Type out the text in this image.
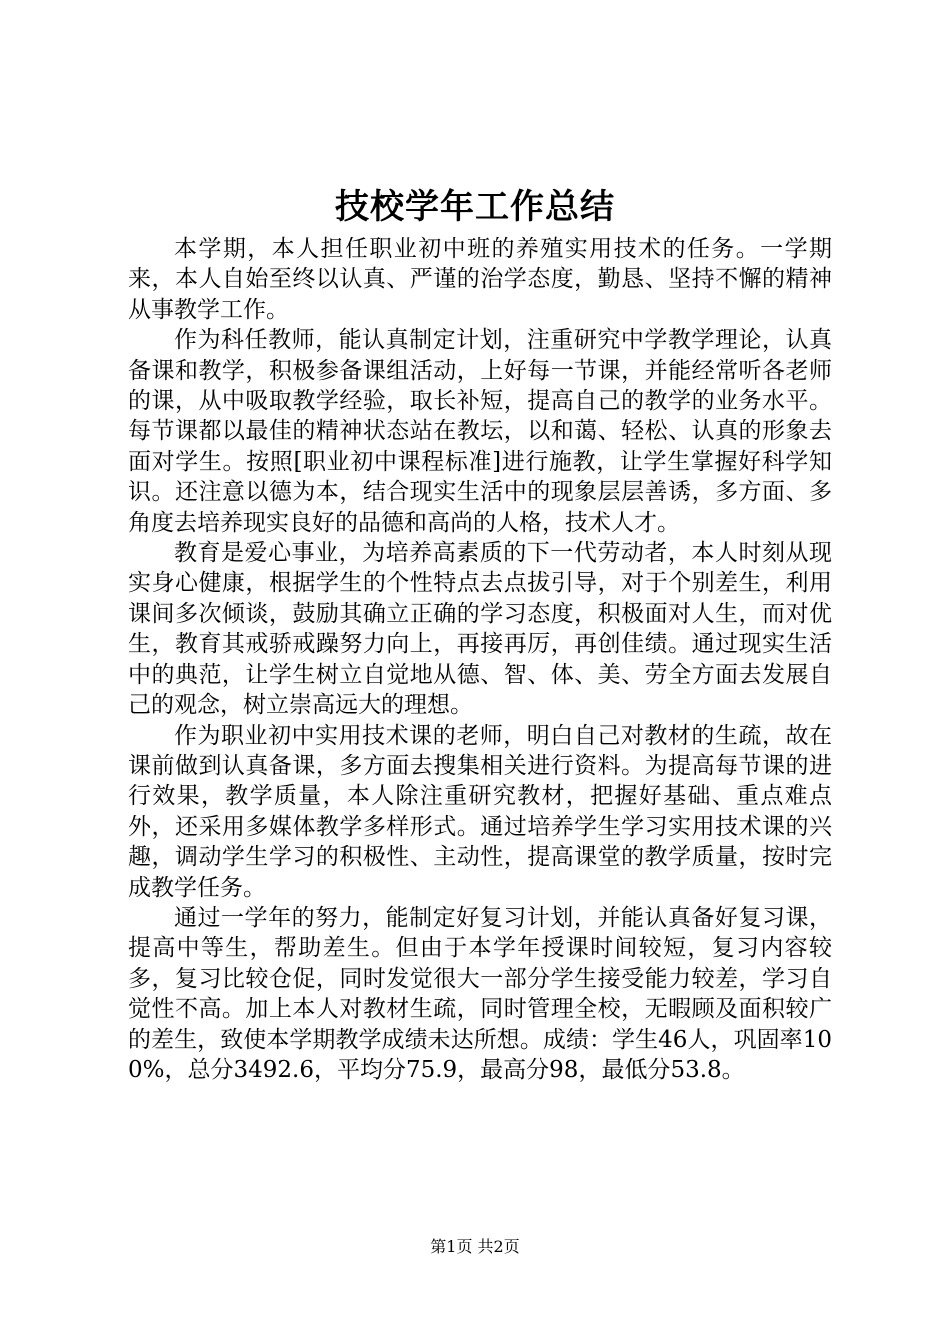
技校学年工作总结

本学期，本人担任职业初中班的养殖实用技术的任务。一学期来，本人自始至终以认真、严谨的治学态度，勤恳、坚持不懈的精神从事教学工作。

作为科任教师，能认真制定计划，注重研究中学教学理论，认真备课和教学，积极参备课组活动，上好每一节课，并能经常听各老师的课，从中吸取教学经验，取长补短，提高自己的教学的业务水平。每节课都以最佳的精神状态站在教坛，以和蔼、轻松、认真的形象去面对学生。按照[职业初中课程标准]进行施教，让学生掌握好科学知识。还注意以德为本，结合现实生活中的现象层层善诱，多方面、多角度去培养现实良好的品德和高尚的人格，技术人才。

教育是爱心事业，为培养高素质的下一代劳动者，本人时刻从现实身心健康，根据学生的个性特点去点拔引导，对于个别差生，利用课间多次倾谈，鼓励其确立正确的学习态度，积极面对人生，而对优生，教育其戒骄戒躁努力向上，再接再厉，再创佳绩。通过现实生活中的典范，让学生树立自觉地从德、智、体、美、劳全方面去发展自己的观念，树立崇高远大的理想。

作为职业初中实用技术课的老师，明白自己对教材的生疏，故在课前做到认真备课，多方面去搜集相关进行资料。为提高每节课的进行效果，教学质量，本人除注重研究教材，把握好基础、重点难点外，还采用多媒体教学多样形式。通过培养学生学习实用技术课的兴趣，调动学生学习的积极性、主动性，提高课堂的教学质量，按时完成教学任务。

通过一学年的努力，能制定好复习计划，并能认真备好复习课，提高中等生，帮助差生。但由于本学年授课时间较短，复习内容较多，复习比较仓促，同时发觉很大一部分学生接受能力较差，学习自觉性不高。加上本人对教材生疏，同时管理全校，无暇顾及面积较广的差生，致使本学期教学成绩未达所想。成绩：学生46人，巩固率100%，总分3492.6，平均分75.9，最高分98，最低分53.8。

第1页 共2页
